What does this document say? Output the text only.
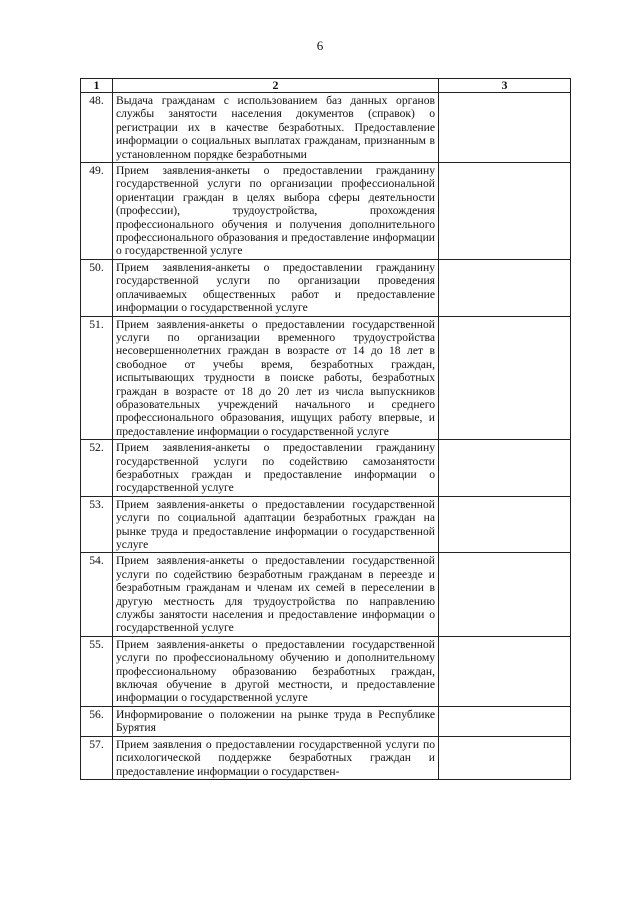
6
1	2	3
48.	Выдача гражданам с использованием баз данных органов службы занятости населения документов (справок) о регистрации их в качестве безработных. Предоставление информации о социальных выплатах гражданам, признанным в установленном порядке безработными	
49.	Прием заявления-анкеты о предоставлении гражданину государственной услуги по организации профессиональной ориентации граждан в целях выбора сферы деятельности (профессии), трудоустройства, прохождения профессионального обучения и получения дополнительного профессионального образования и предоставление информации о государственной услуге	
50.	Прием заявления-анкеты о предоставлении гражданину государственной услуги по организации проведения оплачиваемых общественных работ и предоставление информации о государственной услуге	
51.	Прием заявления-анкеты о предоставлении государственной услуги по организации временного трудоустройства несовершеннолетних граждан в возрасте от 14 до 18 лет в свободное от учебы время, безработных граждан, испытывающих трудности в поиске работы, безработных граждан в возрасте от 18 до 20 лет из числа выпускников образовательных учреждений начального и среднего профессионального образования, ищущих работу впервые, и предоставление информации о государственной услуге	
52.	Прием заявления-анкеты о предоставлении гражданину государственной услуги по содействию самозанятости безработных граждан и предоставление информации о государственной услуге	
53.	Прием заявления-анкеты о предоставлении государственной услуги по социальной адаптации безработных граждан на рынке труда и предоставление информации о государственной услуге	
54.	Прием заявления-анкеты о предоставлении государственной услуги по содействию безработным гражданам в переезде и безработным гражданам и членам их семей в переселении в другую местность для трудоустройства по направлению службы занятости населения и предоставление информации о государственной услуге	
55.	Прием заявления-анкеты о предоставлении государственной услуги по профессиональному обучению и дополнительному профессиональному образованию безработных граждан, включая обучение в другой местности, и предоставление информации о государственной услуге	
56.	Информирование о положении на рынке труда в Республике Бурятия	
57.	Прием заявления о предоставлении государственной услуги по психологической поддержке безработных граждан и предоставление информации о государствен-	
